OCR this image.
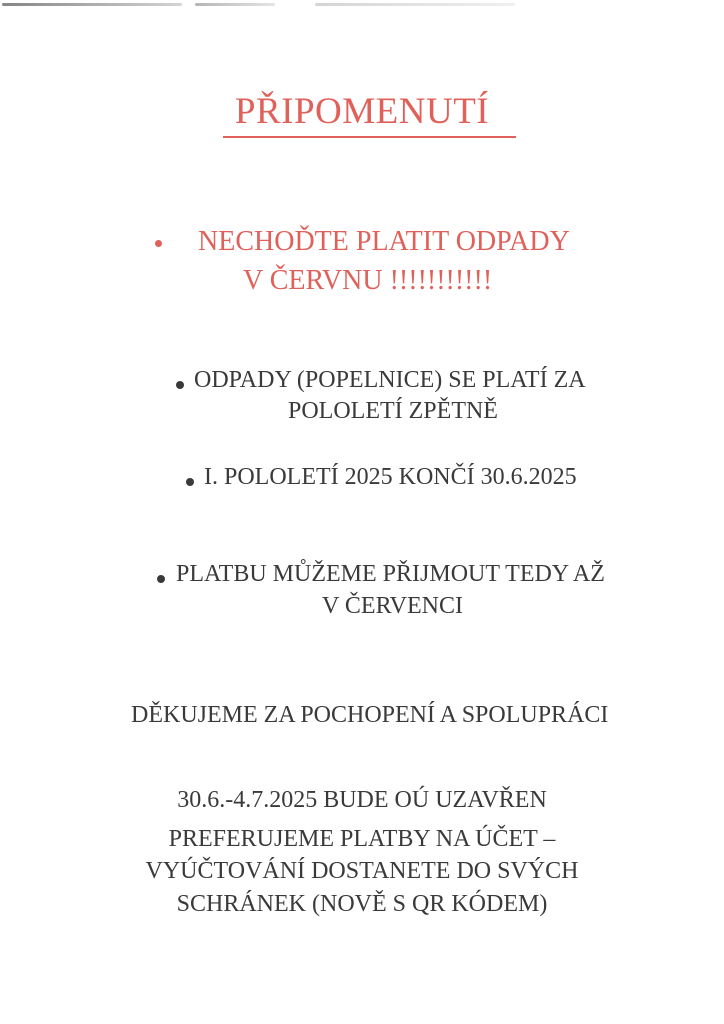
PŘIPOMENUTÍ
NECHOĎTE PLATIT ODPADY
V ČERVNU !!!!!!!!!!!
ODPADY (POPELNICE) SE PLATÍ ZA
POLOLETÍ ZPĚTNĚ
I. POLOLETÍ 2025 KONČÍ 30.6.2025
PLATBU MŮŽEME PŘIJMOUT TEDY AŽ
V ČERVENCI
DĚKUJEME ZA POCHOPENÍ A SPOLUPRÁCI
30.6.-4.7.2025 BUDE OÚ UZAVŘEN
PREFERUJEME PLATBY NA ÚČET –
VYÚČTOVÁNÍ DOSTANETE DO SVÝCH
SCHRÁNEK (NOVĚ S QR KÓDEM)
